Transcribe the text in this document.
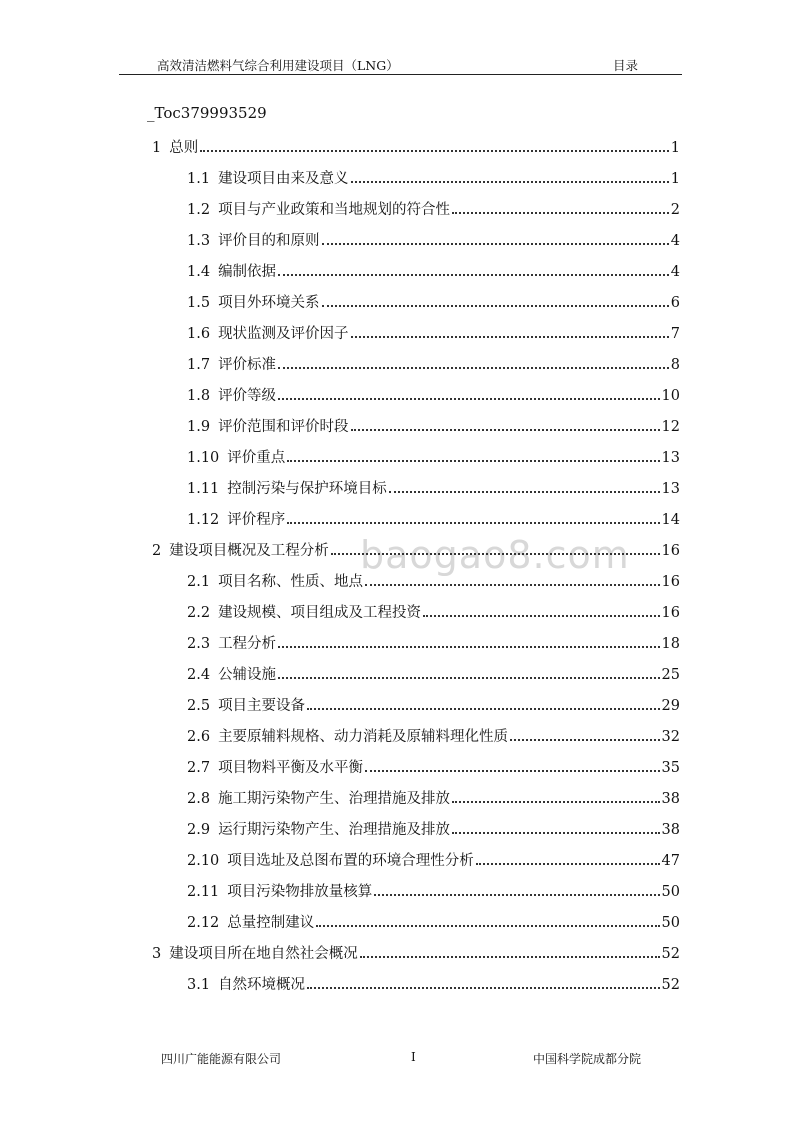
高效清洁燃料气综合利用建设项目（LNG）	目录
_Toc379993529
baogao8.com
1 总则	1
1.1 建设项目由来及意义	1
1.2 项目与产业政策和当地规划的符合性	2
1.3 评价目的和原则	4
1.4 编制依据	4
1.5 项目外环境关系	6
1.6 现状监测及评价因子	7
1.7 评价标准	8
1.8 评价等级	10
1.9 评价范围和评价时段	12
1.10 评价重点	13
1.11 控制污染与保护环境目标	13
1.12 评价程序	14
2 建设项目概况及工程分析	16
2.1 项目名称、性质、地点	16
2.2 建设规模、项目组成及工程投资	16
2.3 工程分析	18
2.4 公辅设施	25
2.5 项目主要设备	29
2.6 主要原辅料规格、动力消耗及原辅料理化性质	32
2.7 项目物料平衡及水平衡	35
2.8 施工期污染物产生、治理措施及排放	38
2.9 运行期污染物产生、治理措施及排放	38
2.10 项目选址及总图布置的环境合理性分析	47
2.11 项目污染物排放量核算	50
2.12 总量控制建议	50
3 建设项目所在地自然社会概况	52
3.1 自然环境概况	52
四川广能能源有限公司	I	中国科学院成都分院
